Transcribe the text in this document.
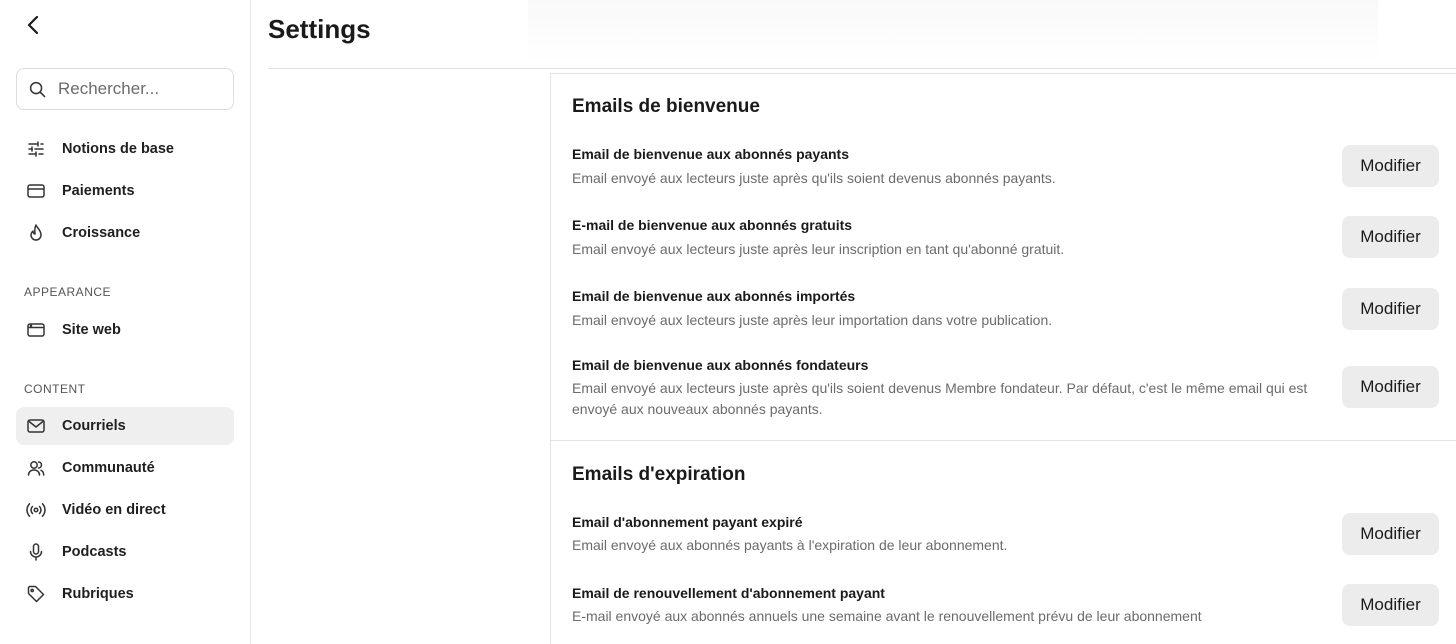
Rechercher...
Notions de base
Paiements
Croissance
APPEARANCE
Site web
CONTENT
Courriels
Communauté
Vidéo en direct
Podcasts
Rubriques
Settings
Emails de bienvenue
Email de bienvenue aux abonnés payants
Email envoyé aux lecteurs juste après qu'ils soient devenus abonnés payants.
Modifier
E-mail de bienvenue aux abonnés gratuits
Email envoyé aux lecteurs juste après leur inscription en tant qu'abonné gratuit.
Modifier
Email de bienvenue aux abonnés importés
Email envoyé aux lecteurs juste après leur importation dans votre publication.
Modifier
Email de bienvenue aux abonnés fondateurs
Email envoyé aux lecteurs juste après qu'ils soient devenus Membre fondateur. Par défaut, c'est le même email qui est envoyé aux nouveaux abonnés payants.
Modifier
Emails d'expiration
Email d'abonnement payant expiré
Email envoyé aux abonnés payants à l'expiration de leur abonnement.
Modifier
Email de renouvellement d'abonnement payant
E-mail envoyé aux abonnés annuels une semaine avant le renouvellement prévu de leur abonnement
Modifier
